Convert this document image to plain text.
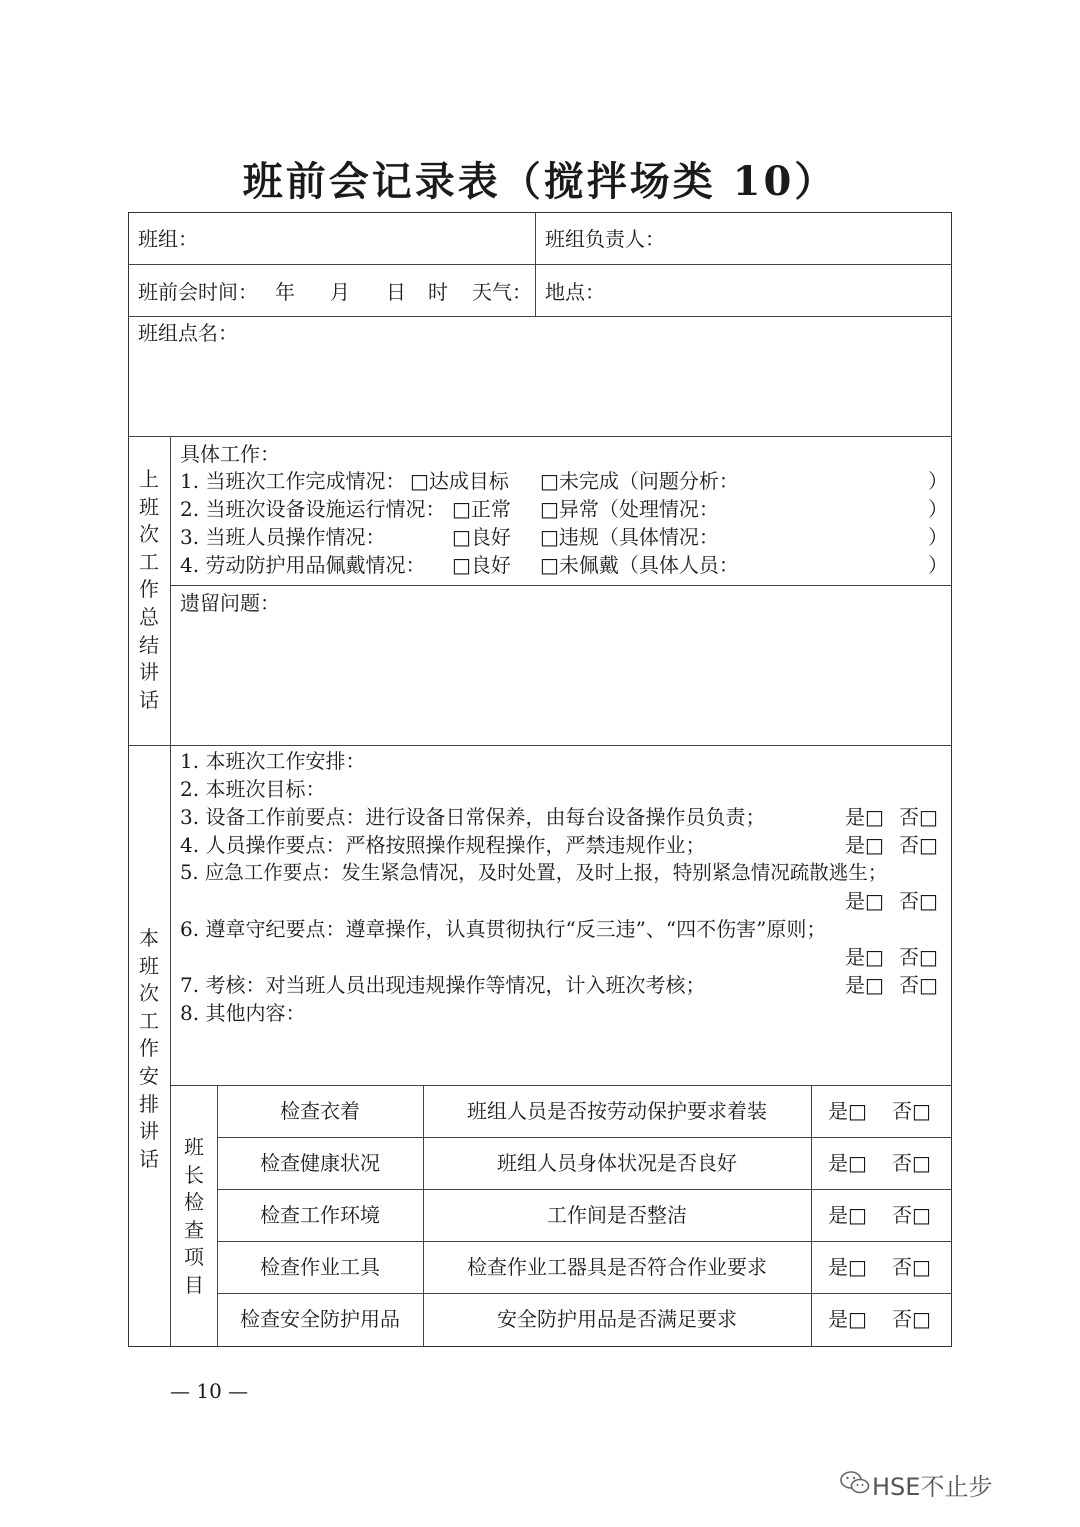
班前会记录表（搅拌场类 10）
班组：	班组负责人：
班前会时间： 年 月 日 时 天气： 地点：
班组点名：
上班次工作总结讲话
具体工作：
1. 当班次工作完成情况： □达成目标 □未完成（问题分析：	）
2. 当班次设备设施运行情况： □正常 □异常（处理情况：	）
3. 当班人员操作情况：	□良好 □违规（具体情况：	）
4. 劳动防护用品佩戴情况： □良好 □未佩戴（具体人员：	）
遗留问题：
本班次工作安排讲话
1. 本班次工作安排：
2. 本班次目标：
3. 设备工作前要点：进行设备日常保养，由每台设备操作员负责；	是□ 否□
4. 人员操作要点：严格按照操作规程操作，严禁违规作业；	是□ 否□
5. 应急工作要点：发生紧急情况，及时处置，及时上报，特别紧急情况疏散逃生；
是□ 否□
6. 遵章守纪要点：遵章操作，认真贯彻执行“反三违”、“四不伤害”原则；
是□ 否□
7. 考核：对当班人员出现违规操作等情况，计入班次考核；	是□ 否□
8. 其他内容：
班长检查项目
检查衣着	班组人员是否按劳动保护要求着装	是□ 否□
检查健康状况	班组人员身体状况是否良好	是□ 否□
检查工作环境	工作间是否整洁	是□ 否□
检查作业工具	检查作业工器具是否符合作业要求	是□ 否□
检查安全防护用品	安全防护用品是否满足要求	是□ 否□
— 10 —
HSE不止步
